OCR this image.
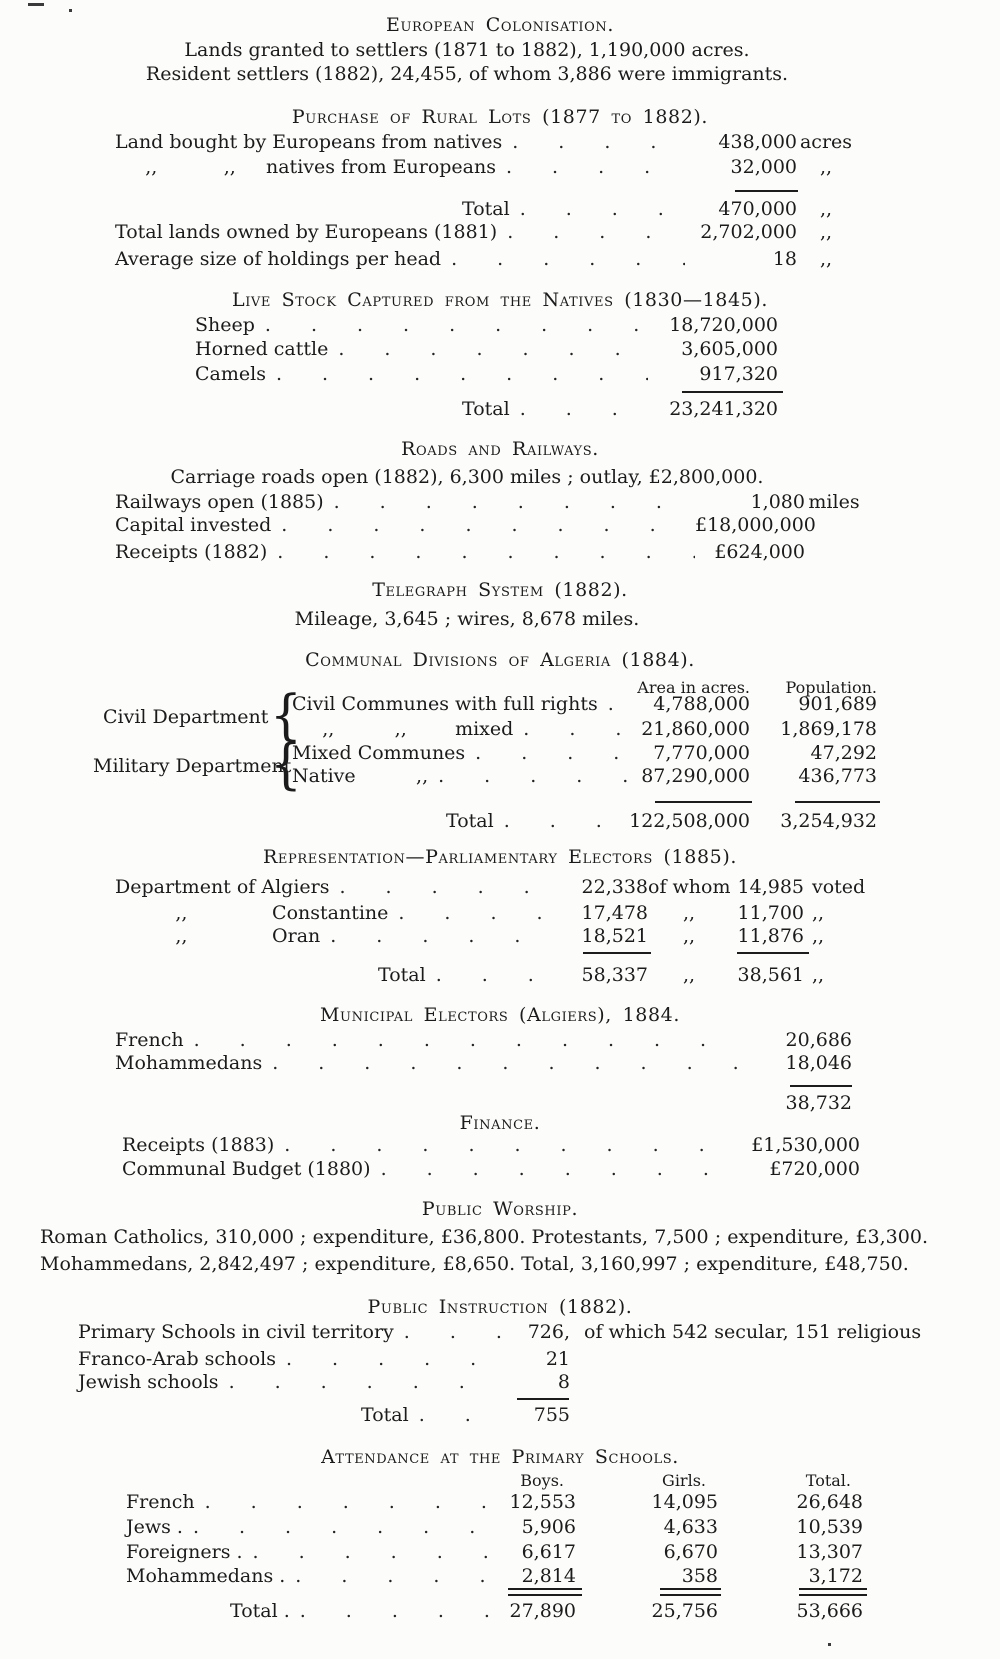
European Colonisation.
Lands granted to settlers (1871 to 1882), 1,190,000 acres.
Resident settlers (1882), 24,455, of whom 3,886 were immigrants.
Purchase of Rural Lots (1877 to 1882).
Land bought by Europeans from natives .....	438,000 acres
,,           ,,     natives from Europeans .....	32,000	,,
Total .....	470,000	,,
Total lands owned by Europeans (1881) .....	2,702,000	,,
Average size of holdings per head .....	18	,,
Live Stock Captured from the Natives (1830—1845).
Sheep .....	18,720,000
Horned cattle .....	3,605,000
Camels .....	917,320
Total .....	23,241,320
Roads and Railways.
Carriage roads open (1882), 6,300 miles ; outlay, £2,800,000.
Railways open (1885) .....	1,080 miles
Capital invested .....	£18,000,000
Receipts (1882) .....	£624,000
Telegraph System (1882).
Mileage, 3,645 ; wires, 8,678 miles.
Communal Divisions of Algeria (1884).
Area in acres.	Population.
Civil Department {
Military Department
{
Civil Communes with full rights .....	4,788,000	901,689
,,          ,,        mixed .....	21,860,000	1,869,178
Mixed Communes .....	7,770,000	47,292
Native          ,, .....	87,290,000	436,773
Total .....	122,508,000	3,254,932
Representation—Parliamentary Electors (1885).
Department of Algiers .....	22,338 of whom 14,985 voted
,,              Constantine .....	17,478	,,	11,700 ,,
,,              Oran .....	18,521	,,	11,876 ,,
Total .....	58,337	,,	38,561 ,,
Municipal Electors (Algiers), 1884.
French .....	20,686
Mohammedans .....	18,046
38,732
Finance.
Receipts (1883) .....	£1,530,000
Communal Budget (1880) .....	£720,000
Public Worship.
Roman Catholics, 310,000 ; expenditure, £36,800. Protestants, 7,500 ; expenditure, £3,300.
Mohammedans, 2,842,497 ; expenditure, £8,650. Total, 3,160,997 ; expenditure, £48,750.
Public Instruction (1882).
Primary Schools in civil territory .....	726, of which 542 secular, 151 religious
Franco-Arab schools .....	21
Jewish schools .....	8
Total .....	755
Attendance at the Primary Schools.
Boys.	Girls.	Total.
French .....	12,553	14,095	26,648
Jews . .....	5,906	4,633	10,539
Foreigners . .....	6,617	6,670	13,307
Mohammedans . .....	2,814	358	3,172
Total . .....	27,890	25,756	53,666
